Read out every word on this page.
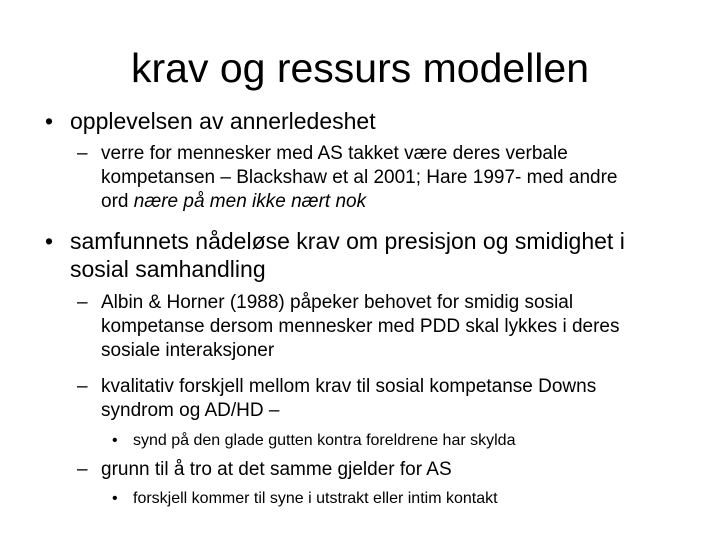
krav og ressurs modellen
• opplevelsen av annerledeshet
– verre for mennesker med AS takket være deres verbale kompetansen – Blackshaw et al 2001; Hare 1997- med andre ord nære på men ikke nært nok
• samfunnets nådeløse krav om presisjon og smidighet i sosial samhandling
– Albin & Horner (1988) påpeker behovet for smidig sosial kompetanse dersom mennesker med PDD skal lykkes i deres sosiale interaksjoner
– kvalitativ forskjell mellom krav til sosial kompetanse Downs syndrom og AD/HD –
• synd på den glade gutten kontra foreldrene har skylda
– grunn til å tro at det samme gjelder for AS
• forskjell kommer til syne i utstrakt eller intim kontakt
